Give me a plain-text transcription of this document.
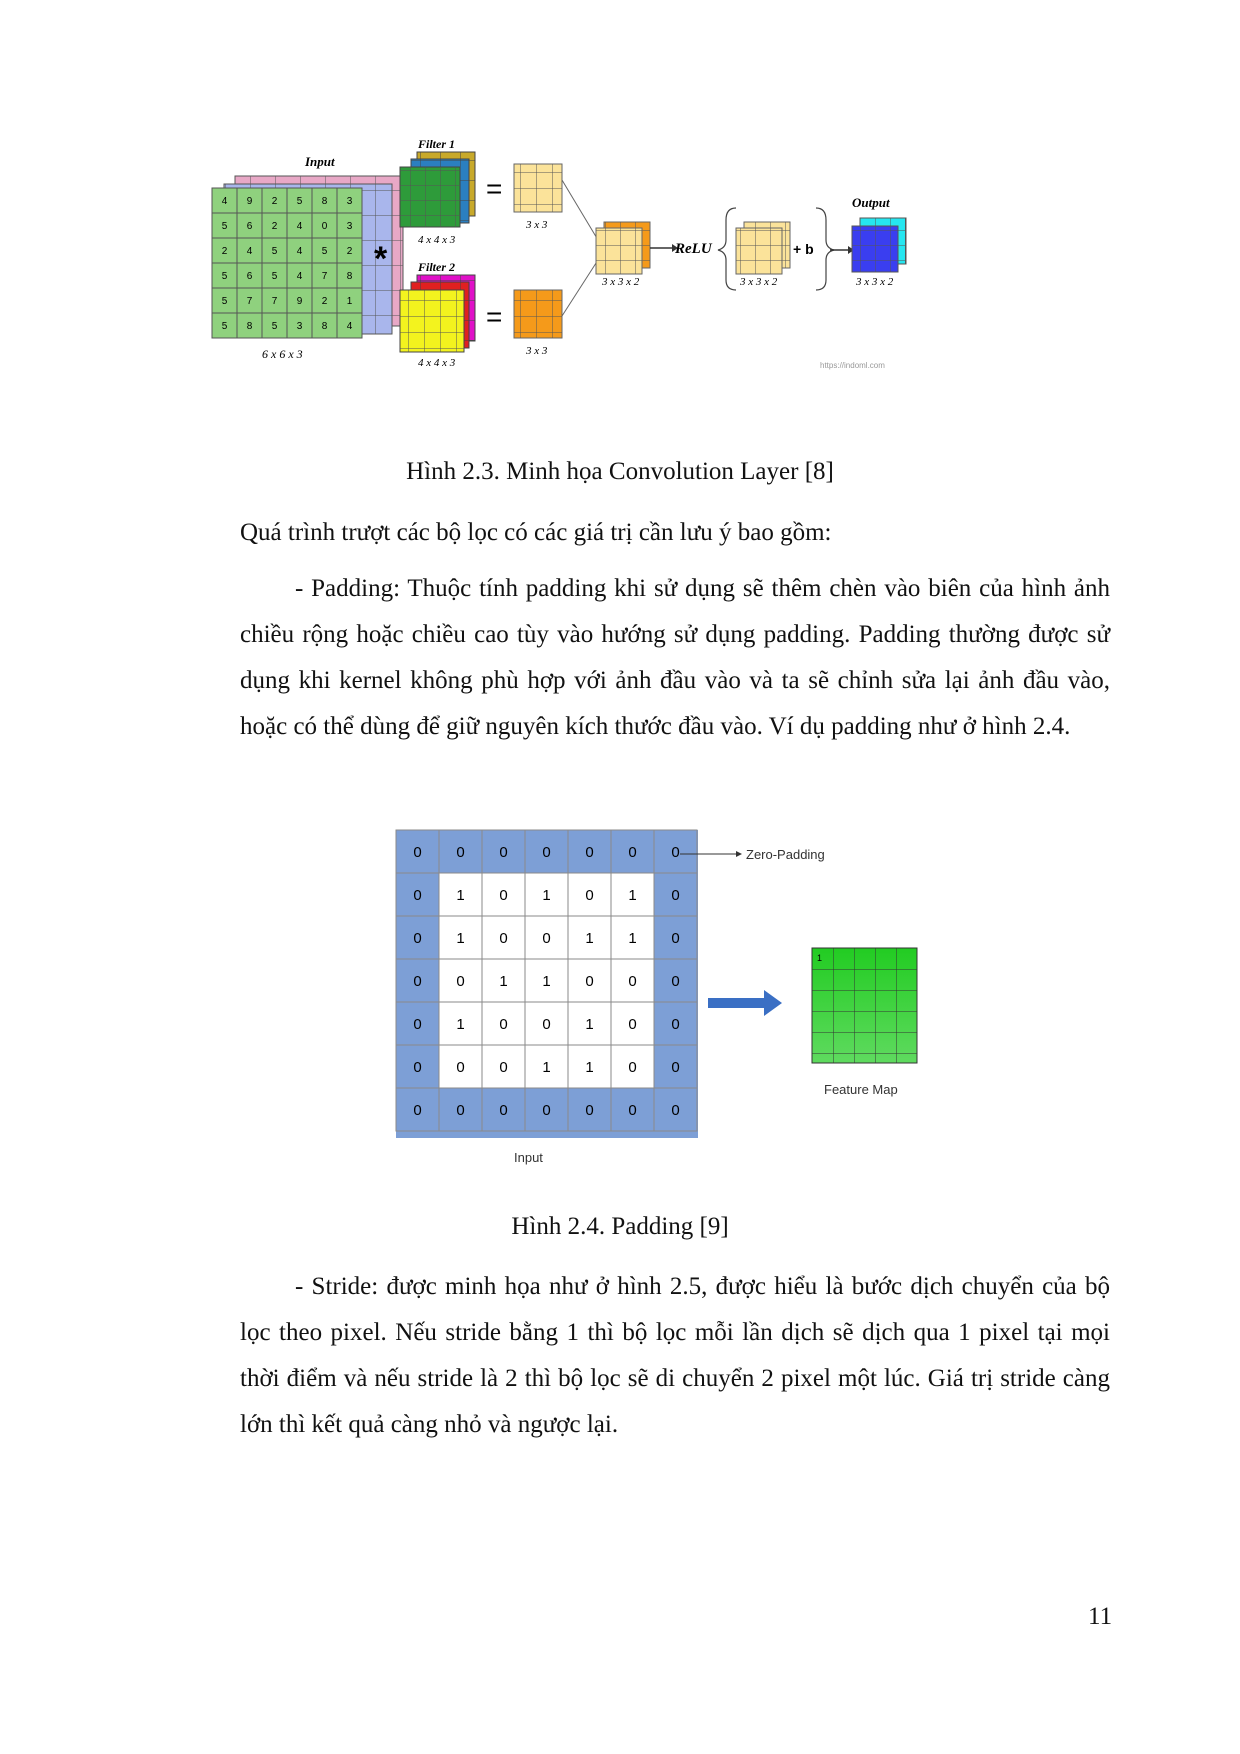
Input
4 9 2 5 8 3
5 6 2 4 0 3
2 4 5 4 5 2
5 6 5 4 7 8
5 7 7 9 2 1
5 8 5 3 8 4
6 x 6 x 3
*
Filter 1
4 x 4 x 3
Filter 2
4 x 4 x 3
=
=
3 x 3
3 x 3
3 x 3 x 2
ReLU
3 x 3 x 2
+ b
Output
3 x 3 x 2
https://indoml.com
Hình 2.3. Minh họa Convolution Layer [8]
Quá trình trượt các bộ lọc có các giá trị cần lưu ý bao gồm:
- Padding: Thuộc tính padding khi sử dụng sẽ thêm chèn vào biên của hình ảnh chiều rộng hoặc chiều cao tùy vào hướng sử dụng padding. Padding thường được sử dụng khi kernel không phù hợp với ảnh đầu vào và ta sẽ chỉnh sửa lại ảnh đầu vào, hoặc có thể dùng để giữ nguyên kích thước đầu vào. Ví dụ padding như ở hình 2.4.
0 0 0 0 0 0 0
0 1 0 1 0 1 0
0 1 0 0 1 1 0
0 0 1 1 0 0 0
0 1 0 0 1 0 0
0 0 0 1 1 0 0
0 0 0 0 0 0 0
Zero-Padding
Input
1
Feature Map
Hình 2.4. Padding [9]
- Stride: được minh họa như ở hình 2.5, được hiểu là bước dịch chuyển của bộ lọc theo pixel. Nếu stride bằng 1 thì bộ lọc mỗi lần dịch sẽ dịch qua 1 pixel tại mọi thời điểm và nếu stride là 2 thì bộ lọc sẽ di chuyển 2 pixel một lúc. Giá trị stride càng lớn thì kết quả càng nhỏ và ngược lại.
11
